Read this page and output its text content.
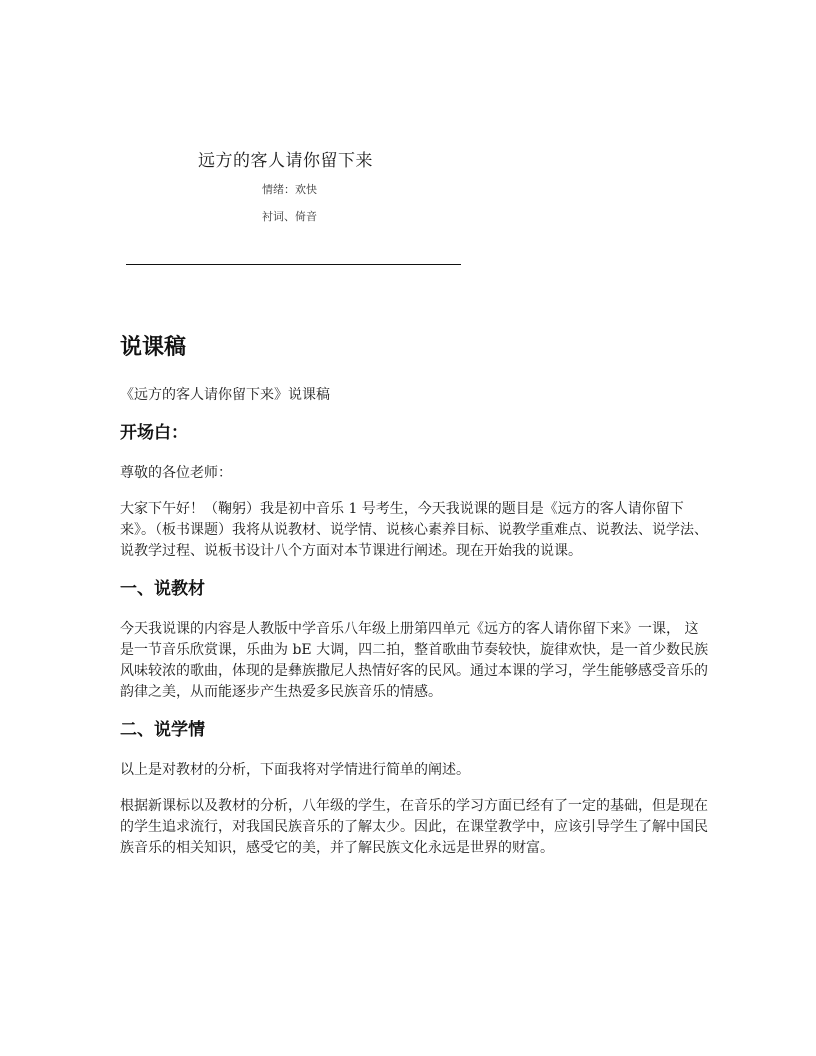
远方的客人请你留下来
情绪：欢快
衬词、倚音
说课稿

《远方的客人请你留下来》说课稿

开场白：

尊敬的各位老师：

大家下午好！（鞠躬）我是初中音乐 1 号考生，今天我说课的题目是《远方的客人请你留下来》。（板书课题）我将从说教材、说学情、说核心素养目标、说教学重难点、说教法、说学法、说教学过程、说板书设计八个方面对本节课进行阐述。现在开始我的说课。

一、说教材

今天我说课的内容是人教版中学音乐八年级上册第四单元《远方的客人请你留下来》一课， 这是一节音乐欣赏课，乐曲为 bE 大调，四二拍，整首歌曲节奏较快，旋律欢快，是一首少数民族风味较浓的歌曲，体现的是彝族撒尼人热情好客的民风。通过本课的学习，学生能够感受音乐的韵律之美，从而能逐步产生热爱多民族音乐的情感。

二、说学情

以上是对教材的分析，下面我将对学情进行简单的阐述。

根据新课标以及教材的分析，八年级的学生，在音乐的学习方面已经有了一定的基础，但是现在的学生追求流行，对我国民族音乐的了解太少。因此，在课堂教学中，应该引导学生了解中国民族音乐的相关知识，感受它的美，并了解民族文化永远是世界的财富。
